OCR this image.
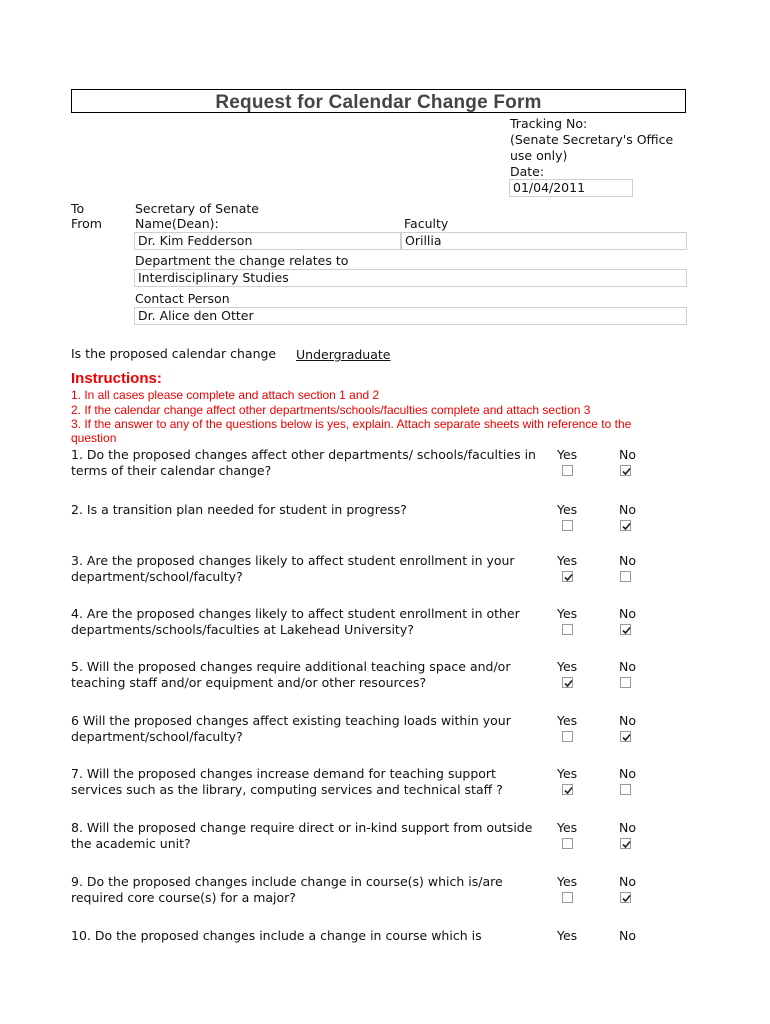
Request for Calendar Change Form
Tracking No:
(Senate Secretary's Office
use only)
Date:
01/04/2011
To
From
Secretary of Senate
Name(Dean):	Faculty
Dr. Kim Fedderson	Orillia
Department the change relates to
Interdisciplinary Studies
Contact Person
Dr. Alice den Otter
Is the proposed calendar change Undergraduate
Instructions:
1. In all cases please complete and attach section 1 and 2
2. If the calendar change affect other departments/schools/faculties complete and attach section 3
3. If the answer to any of the questions below is yes, explain. Attach separate sheets with reference to the
question
1. Do the proposed changes affect other departments/ schools/faculties in
terms of their calendar change?
Yes	No
2. Is a transition plan needed for student in progress?	Yes	No
3. Are the proposed changes likely to affect student enrollment in your
department/school/faculty?
Yes	No
4. Are the proposed changes likely to affect student enrollment in other
departments/schools/faculties at Lakehead University?
Yes	No
5. Will the proposed changes require additional teaching space and/or
teaching staff and/or equipment and/or other resources?
Yes	No
6 Will the proposed changes affect existing teaching loads within your
department/school/faculty?
Yes	No
7. Will the proposed changes increase demand for teaching support
services such as the library, computing services and technical staff ?
Yes	No
8. Will the proposed change require direct or in-kind support from outside
the academic unit?
Yes	No
9. Do the proposed changes include change in course(s) which is/are
required core course(s) for a major?
Yes	No
10. Do the proposed changes include a change in course which is	Yes	No
